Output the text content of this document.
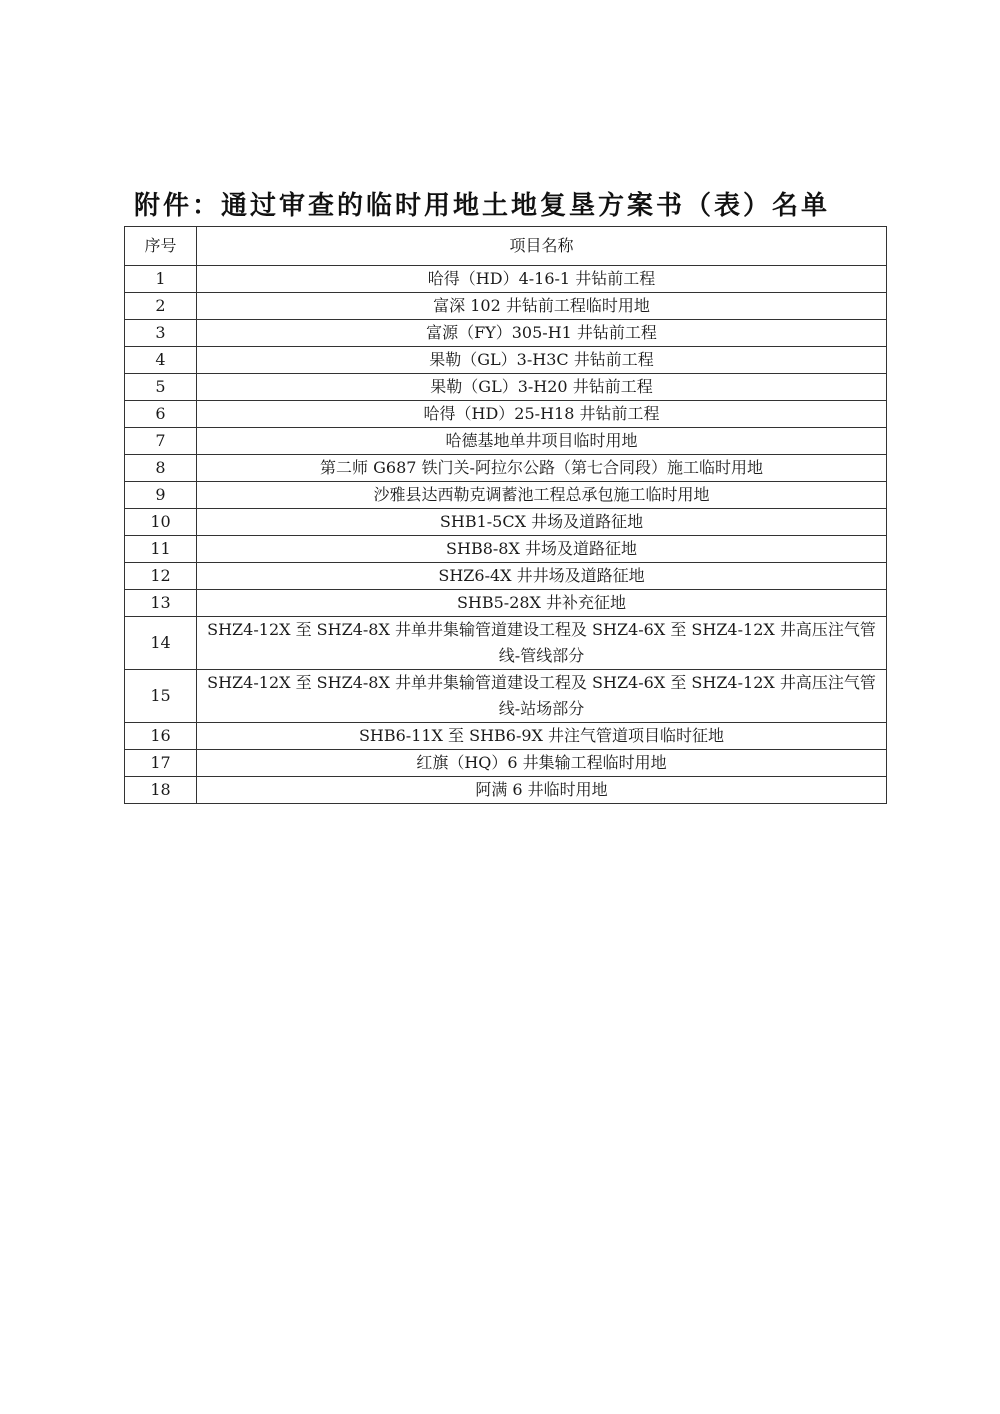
附件：通过审查的临时用地土地复垦方案书（表）名单
序号	项目名称
1	哈得（HD）4-16-1 井钻前工程
2	富深 102 井钻前工程临时用地
3	富源（FY）305-H1 井钻前工程
4	果勒（GL）3-H3C 井钻前工程
5	果勒（GL）3-H20 井钻前工程
6	哈得（HD）25-H18 井钻前工程
7	哈德基地单井项目临时用地
8	第二师 G687 铁门关-阿拉尔公路（第七合同段）施工临时用地
9	沙雅县达西勒克调蓄池工程总承包施工临时用地
10	SHB1-5CX 井场及道路征地
11	SHB8-8X 井场及道路征地
12	SHZ6-4X 井井场及道路征地
13	SHB5-28X 井补充征地
14	SHZ4-12X 至 SHZ4-8X 井单井集输管道建设工程及 SHZ4-6X 至 SHZ4-12X 井高压注气管线-管线部分
15	SHZ4-12X 至 SHZ4-8X 井单井集输管道建设工程及 SHZ4-6X 至 SHZ4-12X 井高压注气管线-站场部分
16	SHB6-11X 至 SHB6-9X 井注气管道项目临时征地
17	红旗（HQ）6 井集输工程临时用地
18	阿满 6 井临时用地
